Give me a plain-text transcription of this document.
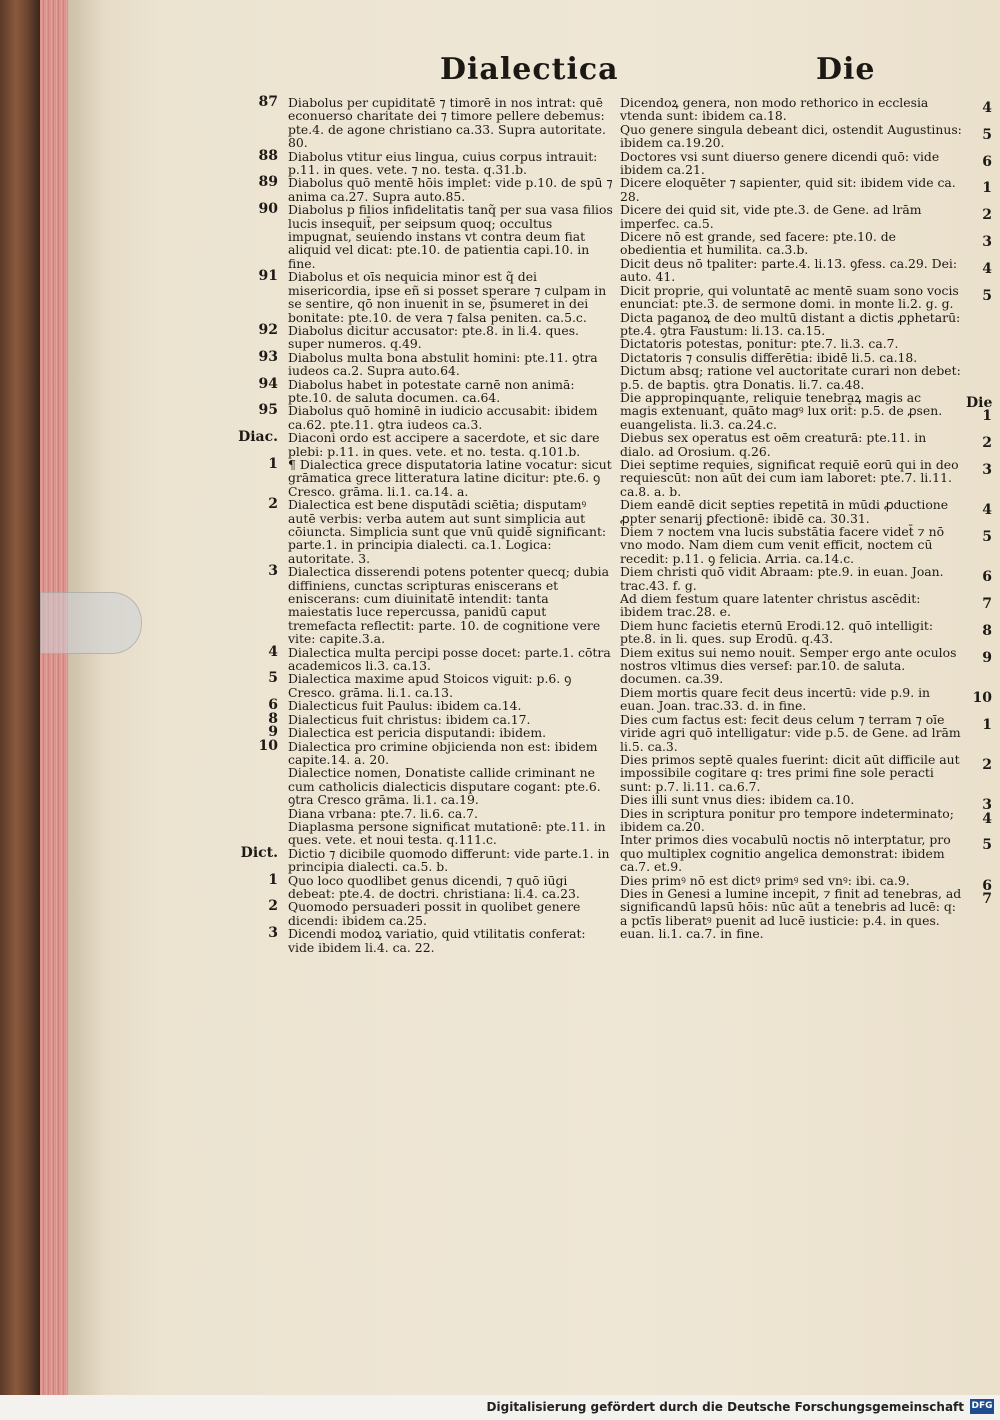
Dialectica	Die
87 Diabolus per cupiditatē ⁊ timorē in nos intrat: quē econuerso charitate dei ⁊ timore pellere debemus: pte.4. de agone christiano ca.33. Supra autoritate. 80.
88 Diabolus vtitur eius lingua, cuius corpus intrauit: p.11. in ques. vete. ⁊ no. testa. q.31.b.
89 Diabolus quō mentē hōis implet: vide p.10. de spū ⁊ anima ca.27. Supra auto.85.
90 Diabolus p filios infidelitatis tanq̃ per sua vasa filios lucis insequit̄, per seipsum quoq; occultus impugnat, seuiendo instans vt contra deum fiat aliquid vel dicat: pte.10. de patientia capi.10. in fine.
91 Diabolus et oīs nequicia minor est q̃ dei misericordia, ipse eñ si posset sperare ⁊ culpam in se sentire, qō non inuenit in se, p̃sumeret in dei bonitate: pte.10. de vera ⁊ falsa peniten. ca.5.c.
92 Diabolus dicitur accusator: pte.8. in li.4. ques. super numeros. q.49.
93 Diabolus multa bona abstulit homini: pte.11. ꝯtra iudeos ca.2. Supra auto.64.
94 Diabolus habet in potestate carnē non animā: pte.10. de saluta documen. ca.64.
95 Diabolus quō hominē in iudicio accusabit: ibidem ca.62. pte.11. ꝯtra iudeos ca.3.
Diac. Diaconi ordo est accipere a sacerdote, et sic dare plebi: p.11. in ques. vete. et no. testa. q.101.b.
1 ¶ Dialectica grece disputatoria latine vocatur: sicut grāmatica grece litteratura latine dicitur: pte.6. ꝯ Cresco. grāma. li.1. ca.14. a.
2 Dialectica est bene disputādi sciētia; disputamꝰ autē verbis: verba autem aut sunt simplicia aut cōiuncta. Simplicia sunt que vnū quidē significant: parte.1. in principia dialecti. ca.1. Logica: autoritate. 3.
3 Dialectica disserendi potens potenter quecq; dubia diffiniens, cunctas scripturas eniscerans et eniscerans: cum diuinitatē intendit: tanta maiestatis luce repercussa, panidū caput tremefacta reflectit: parte. 10. de cognitione vere vite: capite.3.a.
4 Dialectica multa percipi posse docet: parte.1. cōtra academicos li.3. ca.13.
5 Dialectica maxime apud Stoicos viguit: p.6. ꝯ Cresco. grāma. li.1. ca.13.
6 Dialecticus fuit Paulus: ibidem ca.14.
8 Dialecticus fuit christus: ibidem ca.17.
9 Dialectica est pericia disputandi: ibidem.
10 Dialectica pro crimine objicienda non est: ibidem capite.14. a. 20.
Dialectice nomen, Donatiste callide criminant ne cum catholicis dialecticis disputare cogant: pte.6. ꝯtra Cresco grāma. li.1. ca.19.
Diana vrbana: pte.7. li.6. ca.7.
Diaplasma persone significat mutationē: pte.11. in ques. vete. et noui testa. q.111.c.
Dict. Dictio ⁊ dicibile quomodo differunt: vide parte.1. in principia dialecti. ca.5. b.
1 Quo loco quodlibet genus dicendi, ⁊ quō iūgi debeat: pte.4. de doctri. christiana: li.4. ca.23.
2 Quomodo persuaderi possit in quolibet genere dicendi: ibidem ca.25.
3 Dicendi modoꝝ variatio, quid vtilitatis conferat: vide ibidem li.4. ca. 22.
4
Dicendoꝝ genera, non modo rethorico in ecclesia vtenda sunt: ibidem ca.18.
5
Quo genere singula debeant dici, ostendit Augustinus: ibidem ca.19.20.
6
Doctores vsi sunt diuerso genere dicendi quō: vide ibidem ca.21.
1
Dicere eloquēter ⁊ sapienter, quid sit: ibidem vide ca. 28.
2
Dicere dei quid sit, vide pte.3. de Gene. ad lrām imperfec. ca.5.
3
Dicere nō est grande, sed facere: pte.10. de obedientia et humilita. ca.3.b.
4
Dicit deus nō tpaliter: parte.4. li.13. ꝯfess. ca.29. Dei: auto. 41.
5
Dicit proprie, qui voluntatē ac mentē suam sono vocis enunciat: pte.3. de sermone domi. in monte li.2. g. g.
Dicta paganoꝝ de deo multū distant a dictis ꝓphetarū: pte.4. ꝯtra Faustum: li.13. ca.15.
Dictatoris potestas, ponitur: pte.7. li.3. ca.7.
Dictatoris ⁊ consulis differētia: ibidē li.5. ca.18.
Dictum absq; ratione vel auctoritate curari non debet: p.5. de baptis. ꝯtra Donatis. li.7. ca.48.
Die 1
Die appropinquante, reliquie tenebraꝝ magis ac magis extenuant̄, quāto magꝰ lux orit̄: p.5. de ꝓsen. euangelista. li.3. ca.24.c.
2
Diebus sex operatus est oēm creaturā: pte.11. in dialo. ad Orosium. q.26.
3
Diei septime requies, significat requiē eorū qui in deo requiescūt: non aūt dei cum iam laboret: pte.7. li.11. ca.8. a. b.
4
Diem eandē dicit septies repetitā in mūdi ꝓductione ꝓpter senarij ꝑfectionē: ibidē ca. 30.31.
5
Diem ⁊ noctem vna lucis substātia facere videt̄ ⁊ nō vno modo. Nam diem cum venit efficit, noctem cū recedit: p.11. ꝯ felicia. Arria. ca.14.c.
6
Diem christi quō vidit Abraam: pte.9. in euan. Joan. trac.43. f. g.
7
Ad diem festum quare latenter christus ascēdit: ibidem trac.28. e.
8
Diem hunc facietis eternū Erodi.12. quō intelligit: pte.8. in li. ques. sup Erodū. q.43.
9
Diem exitus sui nemo nouit. Semper ergo ante oculos nostros vltimus dies versef: par.10. de saluta. documen. ca.39.
10
Diem mortis quare fecit deus incertū: vide p.9. in euan. Joan. trac.33. d. in fine.
1
Dies cum factus est: fecit deus celum ⁊ terram ⁊ oīe viride agri quō intelligatur: vide p.5. de Gene. ad lrām li.5. ca.3.
2
Dies primos septē quales fuerint: dicit aūt difficile aut impossibile cogitare q: tres primi fine sole peracti sunt: p.7. li.11. ca.6.7.
3
Dies illi sunt vnus dies: ibidem ca.10.
4
Dies in scriptura ponitur pro tempore indeterminato; ibidem ca.20.
5
Inter primos dies vocabulū noctis nō interptatur, pro quo multiplex cognitio angelica demonstrat: ibidem ca.7. et.9.
6
Dies primꝰ nō est dictꝰ primꝰ sed vnꝰ: ibi. ca.9.
7
Dies in Genesi a lumine incepit, ⁊ finit ad tenebras, ad significandū lapsū hōis: nūc aūt a tenebris ad lucē: q: a pctīs liberatꝰ puenit ad lucē iusticie: p.4. in ques. euan. li.1. ca.7. in fine.
Digitalisierung gefördert durch die Deutsche Forschungsgemeinschaft DFG
